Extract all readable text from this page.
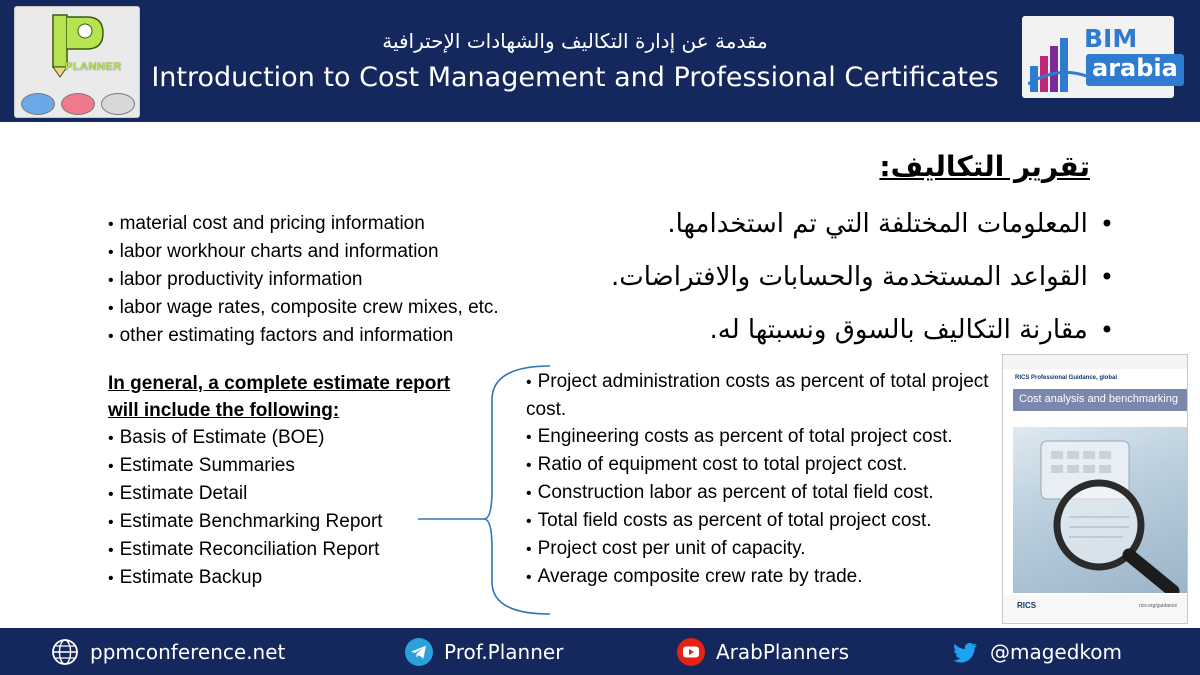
PLANNER
مقدمة عن إدارة التكاليف والشهادات الإحترافية
Introduction to Cost Management and Professional Certificates
BIM
arabia
تقرير التكاليف:
•المعلومات المختلفة التي تم استخدامها.
•القواعد المستخدمة والحسابات والافتراضات.
•مقارنة التكاليف بالسوق ونسبتها له.
• material cost and pricing information
• labor workhour charts and information
• labor productivity information
• labor wage rates, composite crew mixes, etc.
• other estimating factors and information
In general, a complete estimate report will include the following:
• Basis of Estimate (BOE)
• Estimate Summaries
• Estimate Detail
• Estimate Benchmarking Report
• Estimate Reconciliation Report
• Estimate Backup
• Project administration costs as percent of total project cost.
• Engineering costs as percent of total project cost.
• Ratio of equipment cost to total project cost.
• Construction labor as percent of total field cost.
• Total field costs as percent of total project cost.
• Project cost per unit of capacity.
• Average composite crew rate by trade.
RICS Professional Guidance, global
Cost analysis and benchmarking
RICS	rics.org/guidance
ppmconference.net	Prof.Planner	ArabPlanners	@magedkom
